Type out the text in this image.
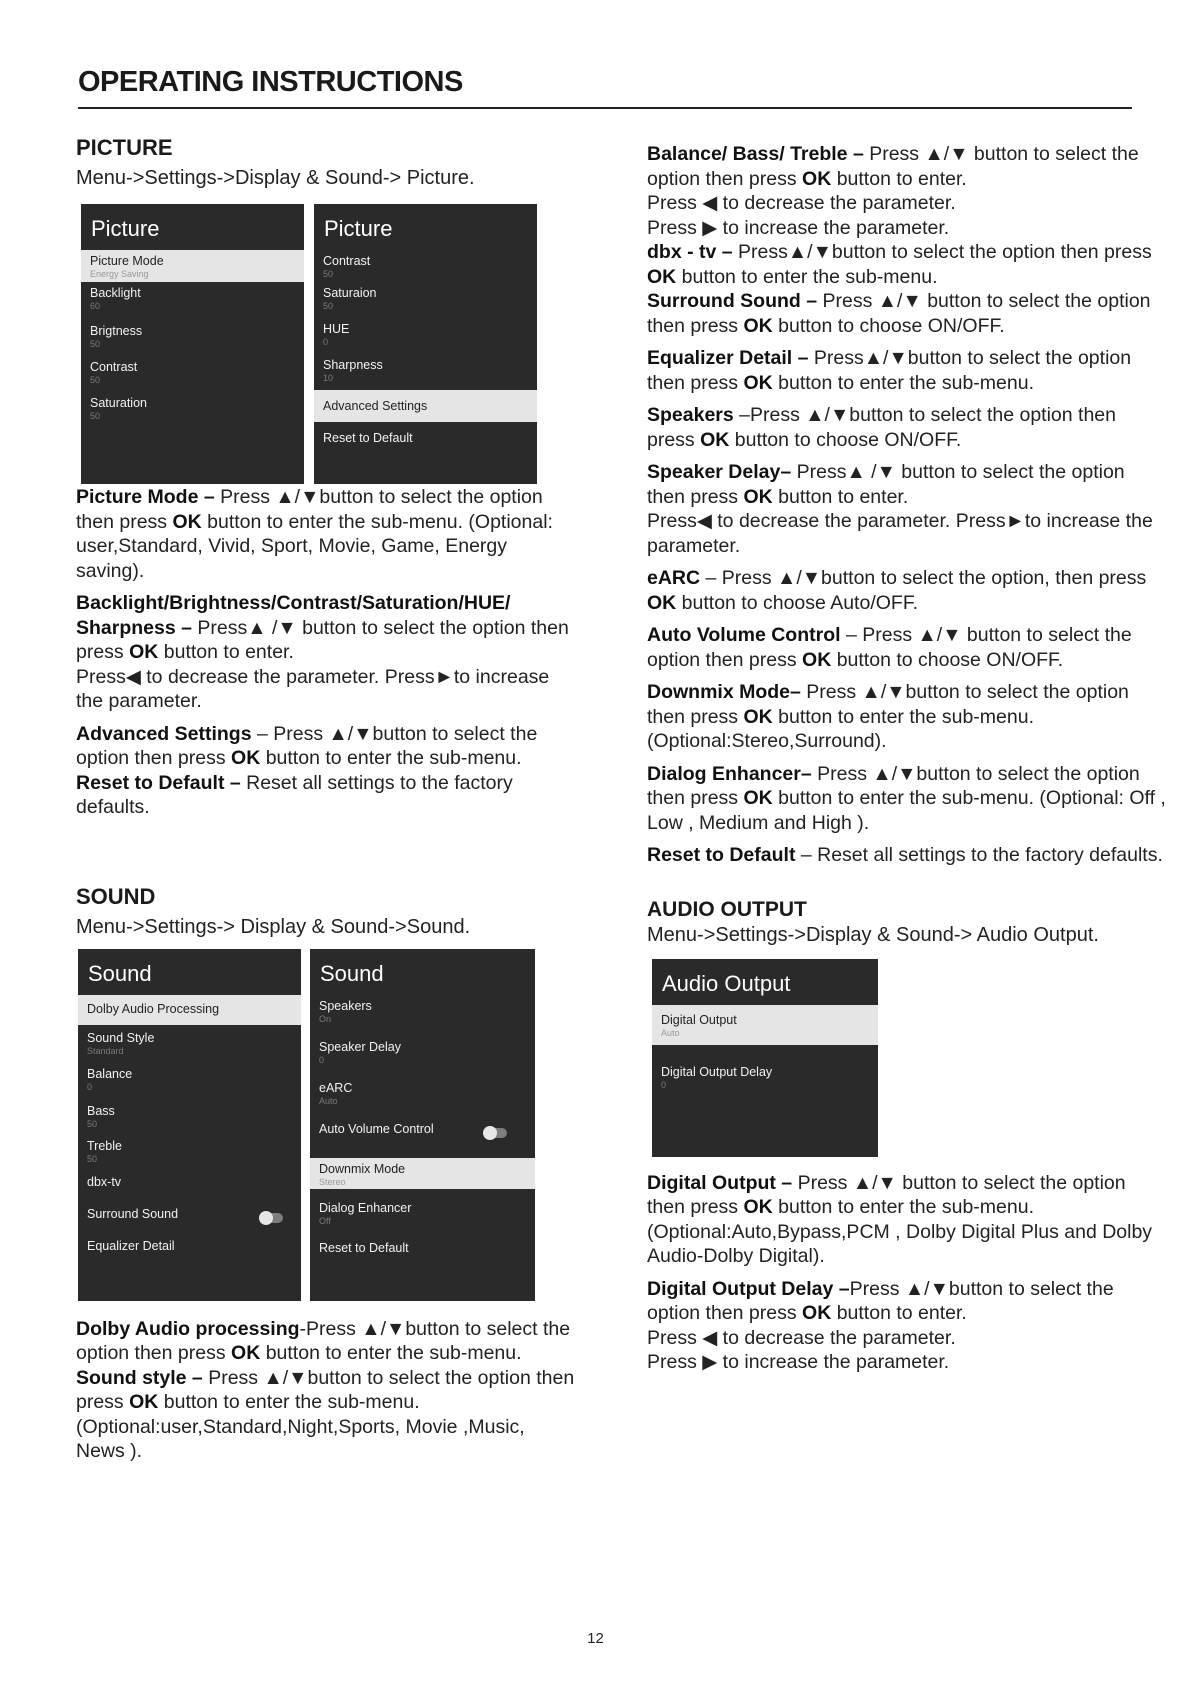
OPERATING INSTRUCTIONS
PICTURE
Menu->Settings->Display & Sound-> Picture.
Picture
Picture Mode
Energy Saving
Backlight
60
Brigtness
50
Contrast
50
Saturation
50
Picture
Contrast
50
Saturaion
50
HUE
0
Sharpness
10
Advanced Settings
Reset to Default

Picture Mode – Press ▲/▼button to select the option then press OK button to enter the sub-menu. (Optional: user,Standard, Vivid, Sport, Movie, Game, Energy saving).

Backlight/Brightness/Contrast/Saturation/HUE/ Sharpness – Press▲ /▼ button to select the option then press OK button to enter.

Press◀ to decrease the parameter. Press►to increase the parameter.

Advanced Settings – Press ▲/▼button to select the option then press OK button to enter the sub-menu.

Reset to Default – Reset all settings to the factory defaults.

SOUND
Menu->Settings-> Display & Sound->Sound.
Sound
Dolby Audio Processing
Sound Style
Standard
Balance
0
Bass
50
Treble
50
dbx-tv
Surround Sound
Equalizer Detail
Sound
Speakers
On
Speaker Delay
0
eARC
Auto
Auto Volume Control
Downmix Mode
Stereo
Dialog Enhancer
Off
Reset to Default

Dolby Audio processing-Press ▲/▼button to select the option then press OK button to enter the sub-menu.

Sound style – Press ▲/▼button to select the option then press OK button to enter the sub-menu.(Optional:user,Standard,Night,Sports, Movie ,Music, News ).

Balance/ Bass/ Treble – Press ▲/▼ button to select the option then press OK button to enter.

Press ◀ to decrease the parameter.

Press ▶ to increase the parameter.

dbx - tv – Press▲/▼button to select the option then press OK button to enter the sub-menu.

Surround Sound – Press ▲/▼ button to select the option then press OK button to choose ON/OFF.

Equalizer Detail – Press▲/▼button to select the option then press OK button to enter the sub-menu.

Speakers –Press ▲/▼button to select the option then press OK button to choose ON/OFF.

Speaker Delay– Press▲ /▼ button to select the option then press OK button to enter.

Press◀ to decrease the parameter. Press►to increase the parameter.

eARC – Press ▲/▼button to select the option, then press OK button to choose Auto/OFF.

Auto Volume Control – Press ▲/▼ button to select the option then press OK button to choose ON/OFF.

Downmix Mode– Press ▲/▼button to select the option then press OK button to enter the sub-menu. (Optional:Stereo,Surround).

Dialog Enhancer– Press ▲/▼button to select the option then press OK button to enter the sub-menu. (Optional: Off , Low , Medium and High ).

Reset to Default – Reset all settings to the factory defaults.

AUDIO OUTPUT
Menu->Settings->Display & Sound-> Audio Output.
Audio Output
Digital Output
Auto
Digital Output Delay
0

Digital Output – Press ▲/▼ button to select the option then press OK button to enter the sub-menu. (Optional:Auto,Bypass,PCM , Dolby Digital Plus and Dolby Audio-Dolby Digital).

Digital Output Delay –Press ▲/▼button to select the option then press OK button to enter.

Press ◀ to decrease the parameter.

Press ▶ to increase the parameter.

12
